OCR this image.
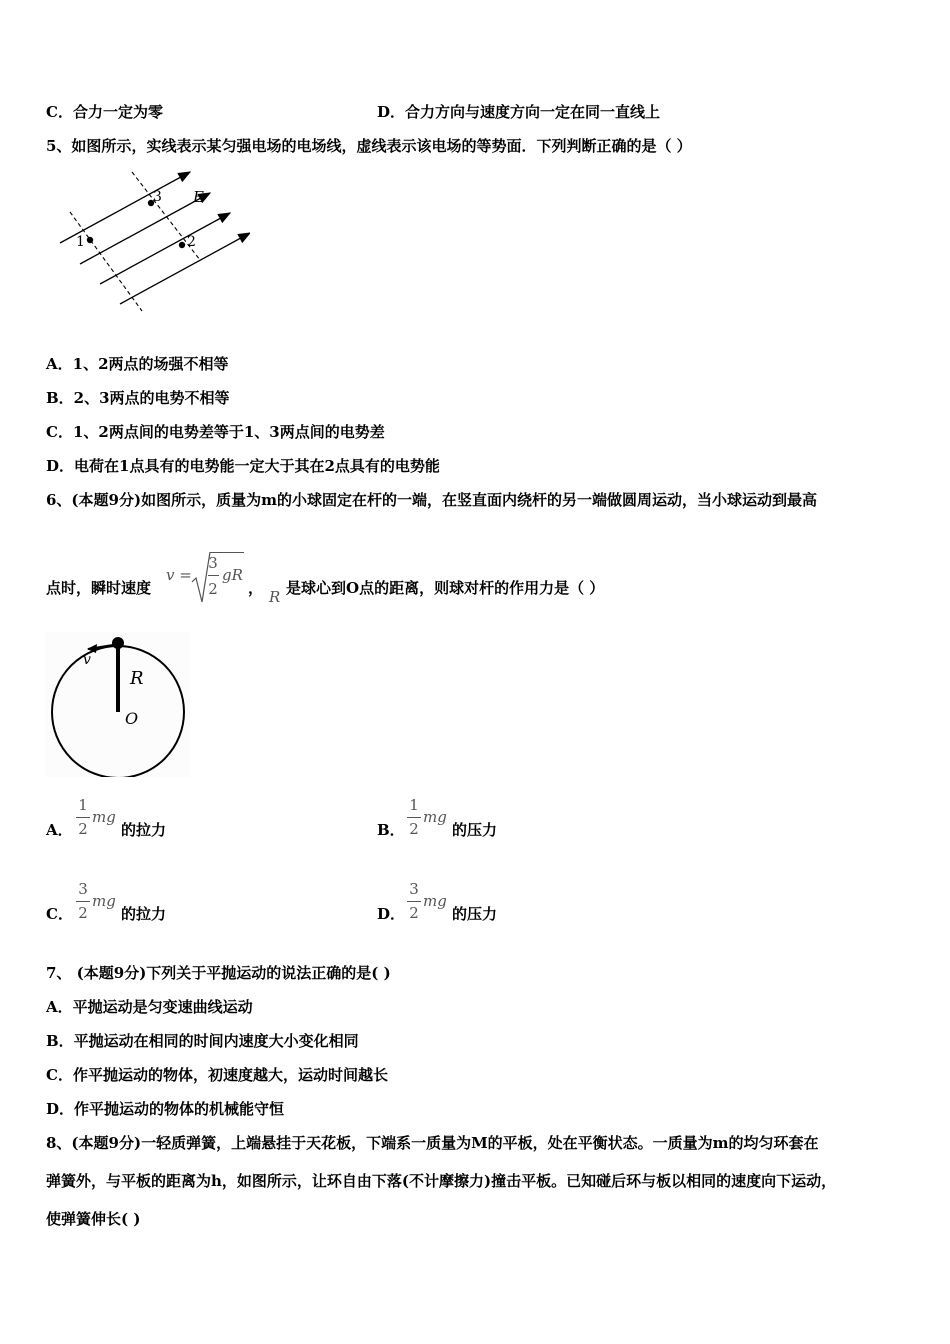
C．合力一定为零	D．合力方向与速度方向一定在同一直线上
5、如图所示，实线表示某匀强电场的电场线，虚线表示该电场的等势面．下列判断正确的是（ ）
1
3
2
E
A．1、2两点的场强不相等
B．2、3两点的电势不相等
C．1、2两点间的电势差等于1、3两点间的电势差
D．电荷在1点具有的电势能一定大于其在2点具有的电势能
6、(本题9分)如图所示，质量为m的小球固定在杆的一端，在竖直面内绕杆的另一端做圆周运动，当小球运动到最高
点时，瞬时速度
v =
3
2
gR
， R 是球心到O点的距离，则球对杆的作用力是（ ）
v
R
O
A．
1
2
mg
的拉力	B．
1
2
mg
的压力
C．
3
2
mg
的拉力	D．
3
2
mg
的压力
7、 (本题9分)下列关于平抛运动的说法正确的是( )
A．平抛运动是匀变速曲线运动
B．平抛运动在相同的时间内速度大小变化相同
C．作平抛运动的物体，初速度越大，运动时间越长
D．作平抛运动的物体的机械能守恒
8、(本题9分)一轻质弹簧，上端悬挂于天花板，下端系一质量为M的平板，处在平衡状态。一质量为m的均匀环套在
弹簧外，与平板的距离为h，如图所示，让环自由下落(不计摩擦力)撞击平板。已知碰后环与板以相同的速度向下运动，
使弹簧伸长( )
